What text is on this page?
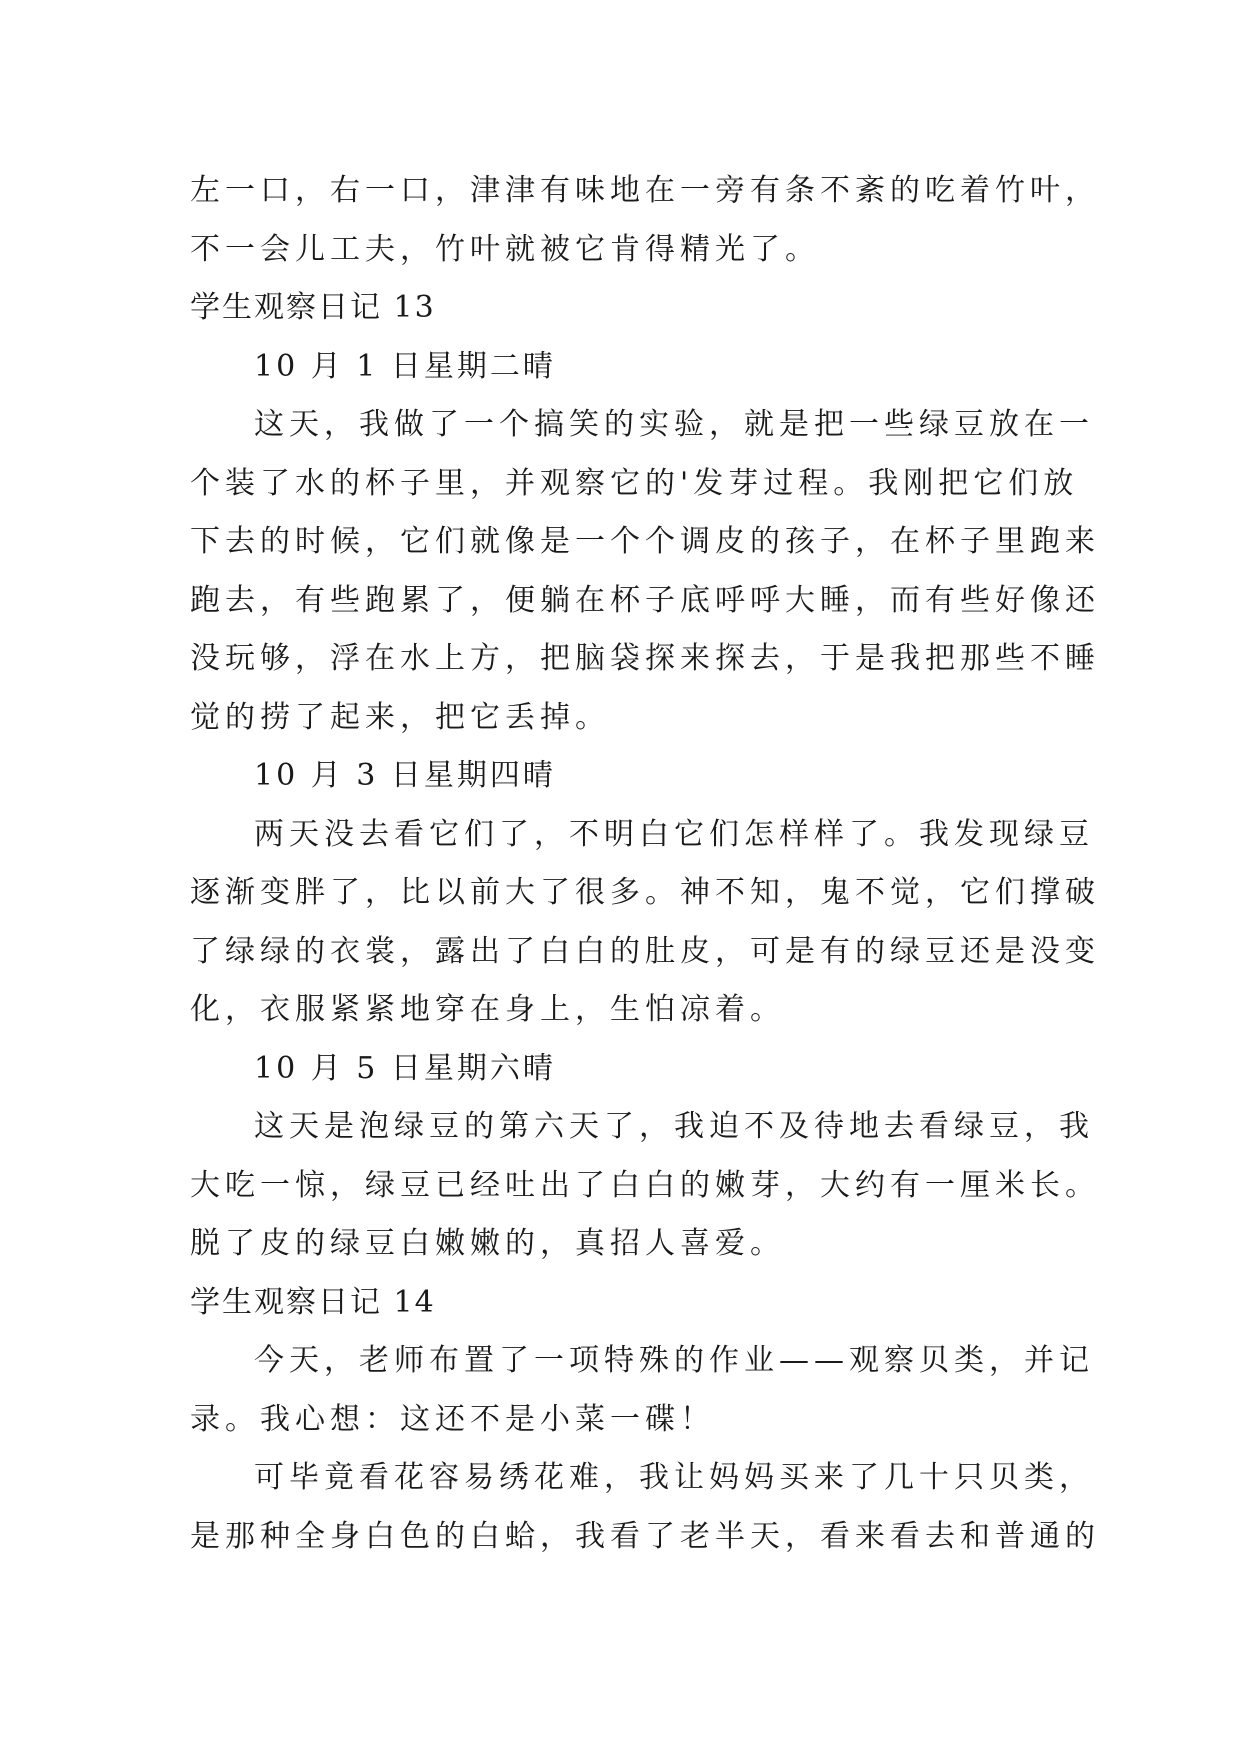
左一口，右一口，津津有味地在一旁有条不紊的吃着竹叶，
不一会儿工夫，竹叶就被它肯得精光了。
学生观察日记 13
10 月 1 日星期二晴
这天，我做了一个搞笑的实验，就是把一些绿豆放在一
个装了水的杯子里，并观察它的'发芽过程。我刚把它们放
下去的时候，它们就像是一个个调皮的孩子，在杯子里跑来
跑去，有些跑累了，便躺在杯子底呼呼大睡，而有些好像还
没玩够，浮在水上方，把脑袋探来探去，于是我把那些不睡
觉的捞了起来，把它丢掉。
10 月 3 日星期四晴
两天没去看它们了，不明白它们怎样样了。我发现绿豆
逐渐变胖了，比以前大了很多。神不知，鬼不觉，它们撑破
了绿绿的衣裳，露出了白白的肚皮，可是有的绿豆还是没变
化，衣服紧紧地穿在身上，生怕凉着。
10 月 5 日星期六晴
这天是泡绿豆的第六天了，我迫不及待地去看绿豆，我
大吃一惊，绿豆已经吐出了白白的嫩芽，大约有一厘米长。
脱了皮的绿豆白嫩嫩的，真招人喜爱。
学生观察日记 14
今天，老师布置了一项特殊的作业——观察贝类，并记
录。我心想：这还不是小菜一碟！
可毕竟看花容易绣花难，我让妈妈买来了几十只贝类，
是那种全身白色的白蛤，我看了老半天，看来看去和普通的
